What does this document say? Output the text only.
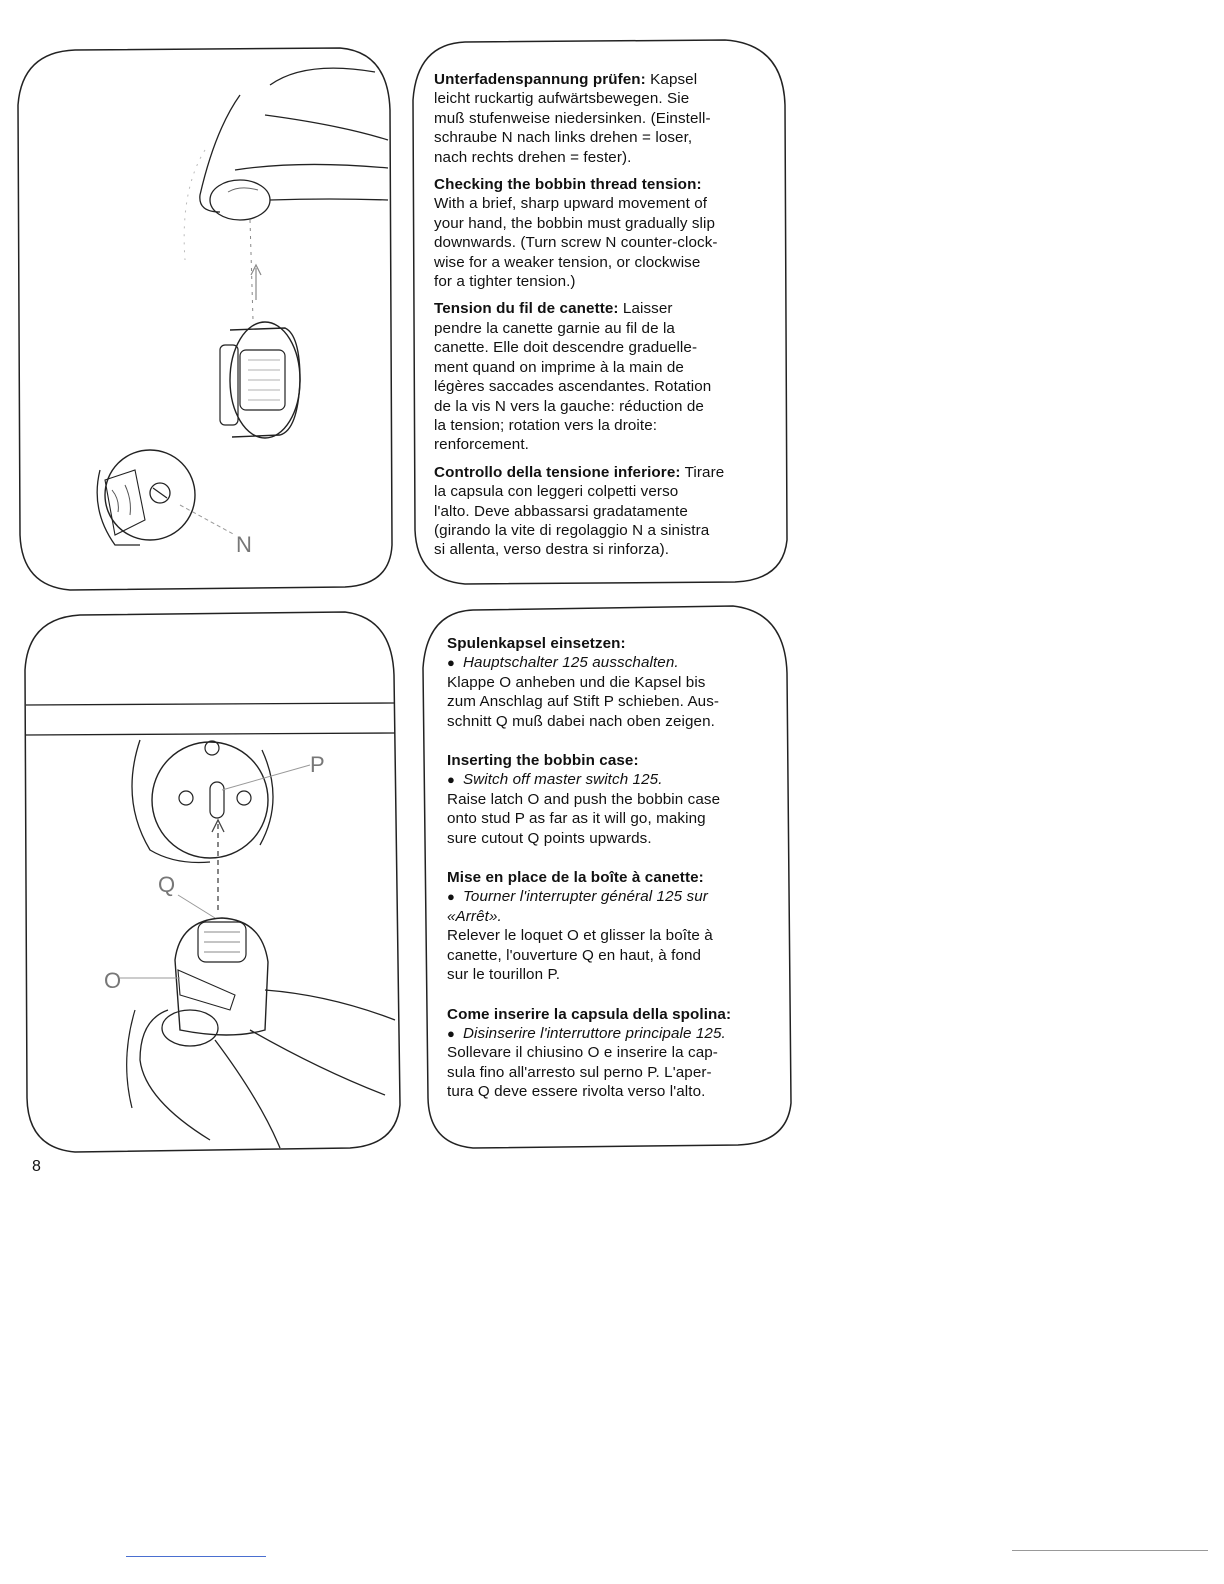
N

Unterfadenspannung prüfen: Kapsel
leicht ruckartig aufwärtsbewegen. Sie
muß stufenweise niedersinken. (Einstell-
schraube N nach links drehen = loser,
nach rechts drehen = fester).

Checking the bobbin thread tension:
With a brief, sharp upward movement of
your hand, the bobbin must gradually slip
downwards. (Turn screw N counter-clock-
wise for a weaker tension, or clockwise
for a tighter tension.)

Tension du fil de canette: Laisser
pendre la canette garnie au fil de la
canette. Elle doit descendre graduelle-
ment quand on imprime à la main de
légères saccades ascendantes. Rotation
de la vis N vers la gauche: réduction de
la tension; rotation vers la droite:
renforcement.

Controllo della tensione inferiore: Tirare
la capsula con leggeri colpetti verso
l'alto. Deve abbassarsi gradatamente
(girando la vite di regolaggio N a sinistra
si allenta, verso destra si rinforza).

P
Q
O

Spulenkapsel einsetzen:
● Hauptschalter 125 ausschalten.
Klappe O anheben und die Kapsel bis
zum Anschlag auf Stift P schieben. Aus-
schnitt Q muß dabei nach oben zeigen.

Inserting the bobbin case:
● Switch off master switch 125.
Raise latch O and push the bobbin case
onto stud P as far as it will go, making
sure cutout Q points upwards.

Mise en place de la boîte à canette:
● Tourner l'interrupter général 125 sur
«Arrêt».
Relever le loquet O et glisser la boîte à
canette, l'ouverture Q en haut, à fond
sur le tourillon P.

Come inserire la capsula della spolina:
● Disinserire l'interruttore principale 125.
Sollevare il chiusino O e inserire la cap-
sula fino all'arresto sul perno P. L'aper-
tura Q deve essere rivolta verso l'alto.

8
